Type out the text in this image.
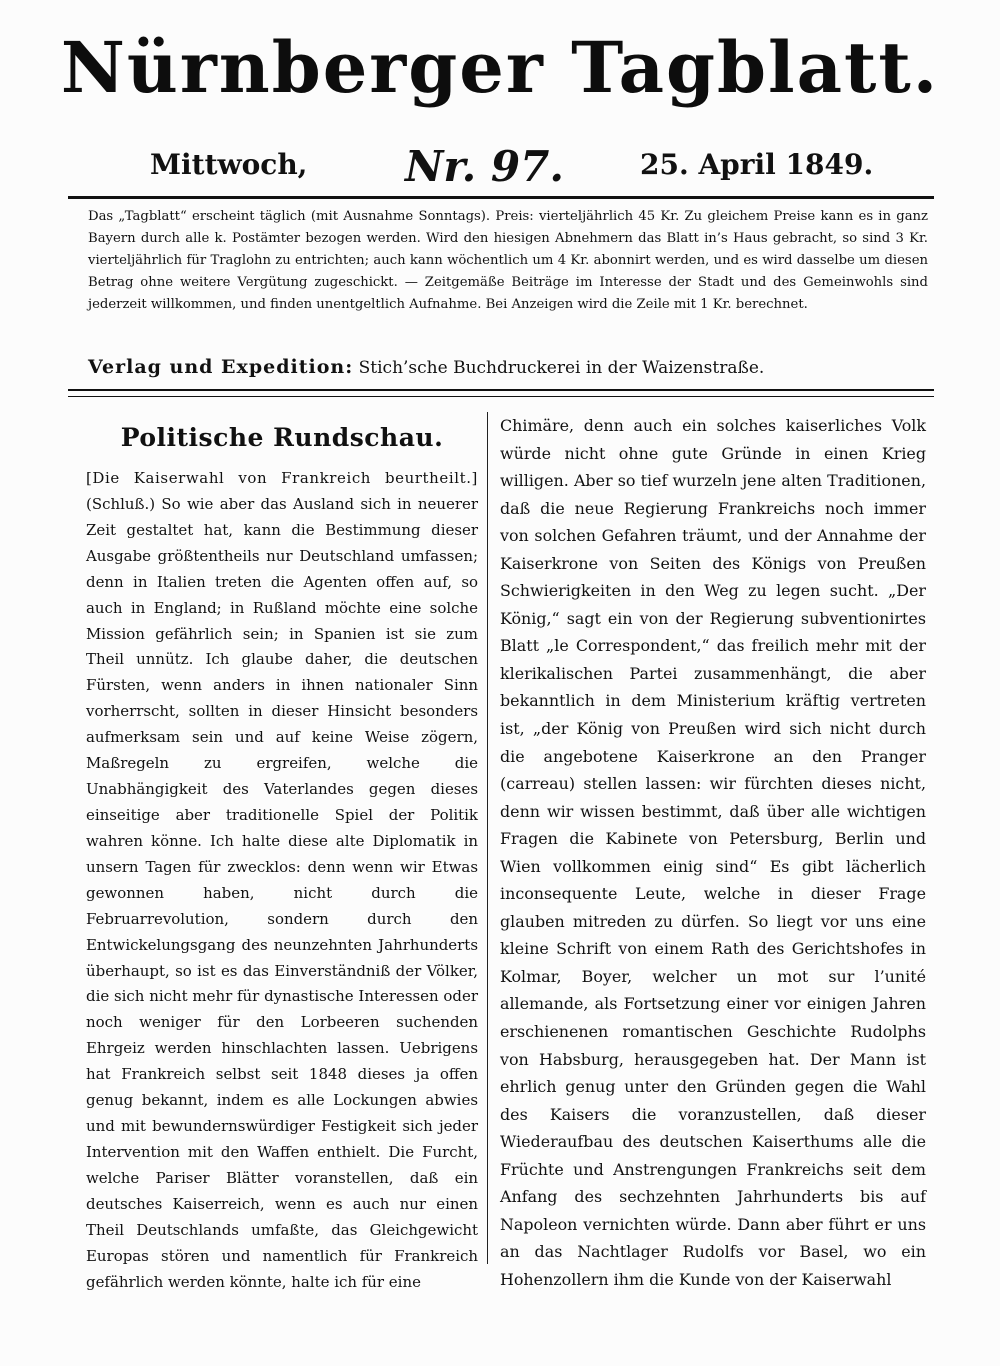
Nürnberger Tagblatt.
Mittwoch, Nr. 97.	25. April 1849.

Das „Tagblatt“ erscheint täglich (mit Ausnahme Sonntags). Preis: vierteljährlich 45 Kr. Zu gleichem Preise kann es in ganz Bayern durch alle k. Postämter bezogen werden. Wird den hiesigen Abnehmern das Blatt in’s Haus gebracht, so sind 3 Kr. vierteljährlich für Traglohn zu entrichten; auch kann wöchentlich um 4 Kr. abonnirt werden, und es wird dasselbe um diesen Betrag ohne weitere Vergütung zugeschickt. — Zeitgemäße Beiträge im Interesse der Stadt und des Gemeinwohls sind jederzeit willkommen, und finden unentgeltlich Aufnahme. Bei Anzeigen wird die Zeile mit 1 Kr. berechnet.

Verlag und Expedition: Stich’sche Buchdruckerei in der Waizenstraße.
Politische Rundschau.

[Die Kaiserwahl von Frankreich beurtheilt.] (Schluß.) So wie aber das Ausland sich in neuerer Zeit gestaltet hat, kann die Bestimmung dieser Ausgabe größtentheils nur Deutschland umfassen; denn in Italien treten die Agenten offen auf, so auch in England; in Rußland möchte eine solche Mission gefährlich sein; in Spanien ist sie zum Theil unnütz. Ich glaube daher, die deutschen Fürsten, wenn anders in ihnen nationaler Sinn vorherrscht, sollten in dieser Hinsicht besonders aufmerksam sein und auf keine Weise zögern, Maßregeln zu ergreifen, welche die Unabhängigkeit des Vaterlandes gegen dieses einseitige aber traditionelle Spiel der Politik wahren könne. Ich halte diese alte Diplomatik in unsern Tagen für zwecklos: denn wenn wir Etwas gewonnen haben, nicht durch die Februarrevolution, sondern durch den Entwickelungsgang des neunzehnten Jahrhunderts überhaupt, so ist es das Einverständniß der Völker, die sich nicht mehr für dynastische Interessen oder noch weniger für den Lorbeeren suchenden Ehrgeiz werden hinschlachten lassen. Uebrigens hat Frankreich selbst seit 1848 dieses ja offen genug bekannt, indem es alle Lockungen abwies und mit bewundernswürdiger Festigkeit sich jeder Intervention mit den Waffen enthielt. Die Furcht, welche Pariser Blätter voranstellen, daß ein deutsches Kaiserreich, wenn es auch nur einen Theil Deutschlands umfaßte, das Gleichgewicht Europas stören und namentlich für Frankreich gefährlich werden könnte, halte ich für eine

Chimäre, denn auch ein solches kaiserliches Volk würde nicht ohne gute Gründe in einen Krieg willigen. Aber so tief wurzeln jene alten Traditionen, daß die neue Regierung Frankreichs noch immer von solchen Gefahren träumt, und der Annahme der Kaiserkrone von Seiten des Königs von Preußen Schwierigkeiten in den Weg zu legen sucht. „Der König,“ sagt ein von der Regierung subventionirtes Blatt „le Correspondent,“ das freilich mehr mit der klerikalischen Partei zusammenhängt, die aber bekanntlich in dem Ministerium kräftig vertreten ist, „der König von Preußen wird sich nicht durch die angebotene Kaiserkrone an den Pranger (carreau) stellen lassen: wir fürchten dieses nicht, denn wir wissen bestimmt, daß über alle wichtigen Fragen die Kabinete von Petersburg, Berlin und Wien vollkommen einig sind“ Es gibt lächerlich inconsequente Leute, welche in dieser Frage glauben mitreden zu dürfen. So liegt vor uns eine kleine Schrift von einem Rath des Gerichtshofes in Kolmar, Boyer, welcher un mot sur l’unité allemande, als Fortsetzung einer vor einigen Jahren erschienenen romantischen Geschichte Rudolphs von Habsburg, herausgegeben hat. Der Mann ist ehrlich genug unter den Gründen gegen die Wahl des Kaisers die voranzustellen, daß dieser Wiederaufbau des deutschen Kaiserthums alle die Früchte und Anstrengungen Frankreichs seit dem Anfang des sechzehnten Jahrhunderts bis auf Napoleon vernichten würde. Dann aber führt er uns an das Nachtlager Rudolfs vor Basel, wo ein Hohenzollern ihm die Kunde von der Kaiserwahl
